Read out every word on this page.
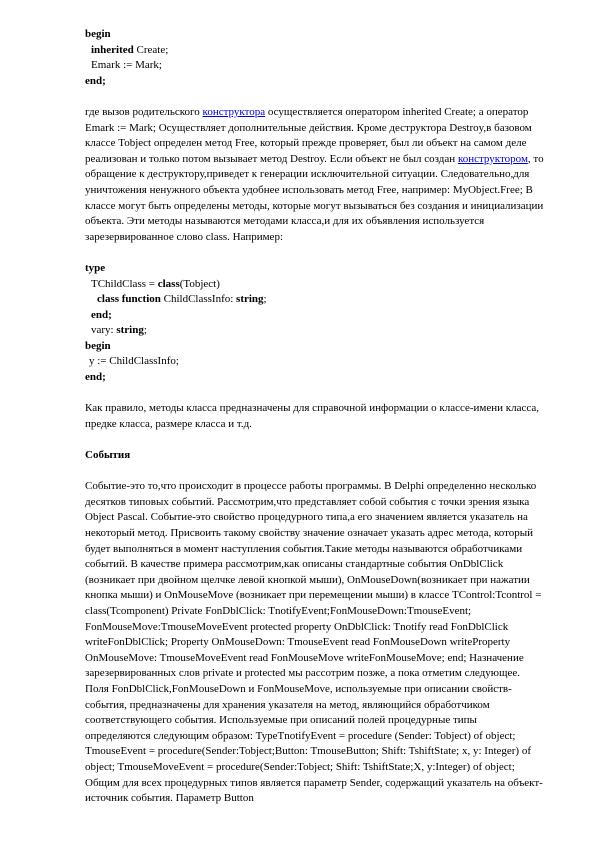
begin
inherited Create;
Emark := Mark;
end;

где вызов родительского конструктора осуществляется оператором inherited Create; а оператор Emark := Mark; Осуществляет дополнительные действия. Кроме деструктора Destroy,в базовом классе Tobject определен метод Free, который прежде проверяет, был ли объект на самом деле реализован и только потом вызывает метод Destroy. Если объект не был создан конструктором, то обращение к деструктору,приведет к генерации исключительной ситуации. Следовательно,для уничтожения ненужного объекта удобнее использовать метод Free, например: MyObject.Free; В классе могут быть определены методы, которые могут вызываться без создания и инициализации объекта. Эти методы называются методами класса,и для их объявления используется зарезервированное слово class. Например:

type
TChildClass = class(Tobject)
class function ChildClassInfo: string;
end;
vary: string;
begin
y := ChildClassInfo;
end;

Как правило, методы класса предназначены для справочной информации о классе-имени класса, предке класса, размере класса и т.д.

События

Событие-это то,что происходит в процессе работы программы. В Delphi определенно несколько десятков типовых событий. Рассмотрим,что представляет собой события с точки зрения языка Object Pascal. Событие-это свойство процедурного типа,а его значением является указатель на некоторый метод. Присвоить такому свойству значение означает указать адрес метода, который будет выполняться в момент наступления события.Такие методы называются обработчиками событий. В качестве примера рассмотрим,как описаны стандартные события OnDblClick (возникает при двойном щелчке левой кнопкой мыши), OnMouseDown(возникает при нажатии кнопка мыши) и OnMouseMove (возникает при перемещении мыши) в классе TControl:Tcontrol = class(Tcomponent) Private FonDblClick: TnotifyEvent;FonMouseDown:TmouseEvent; FonMouseMove:TmouseMoveEvent protected property OnDblClick: Tnotify read FonDblClick writeFonDblClick; Property OnMouseDown: TmouseEvent read FonMouseDown writeProperty OnMouseMove: TmouseMoveEvent read FonMouseMove writeFonMouseMove; end; Назначение зарезервированных слов private и protected мы рассотрим позже, а пока отметим следующее. Поля FonDblClick,FonMouseDown и FonMouseMove, используемые при описании свойств-события, предназначены для хранения указателя на метод, являющийся обработчиком соответствующего события. Используемые при описаний полей процедурные типы определяются следующим образом: TypeTnotifyEvent = procedure (Sender: Tobject) of object; TmouseEvent = procedure(Sender:Tobject;Button: TmouseButton; Shift: TshiftState; x, y: Integer) of object; TmouseMoveEvent = procedure(Sender:Tobject; Shift: TshiftState;X, y:Integer) of object; Общим для всех процедурных типов является параметр Sender, содержащий указатель на объект-источник события. Параметр Button
